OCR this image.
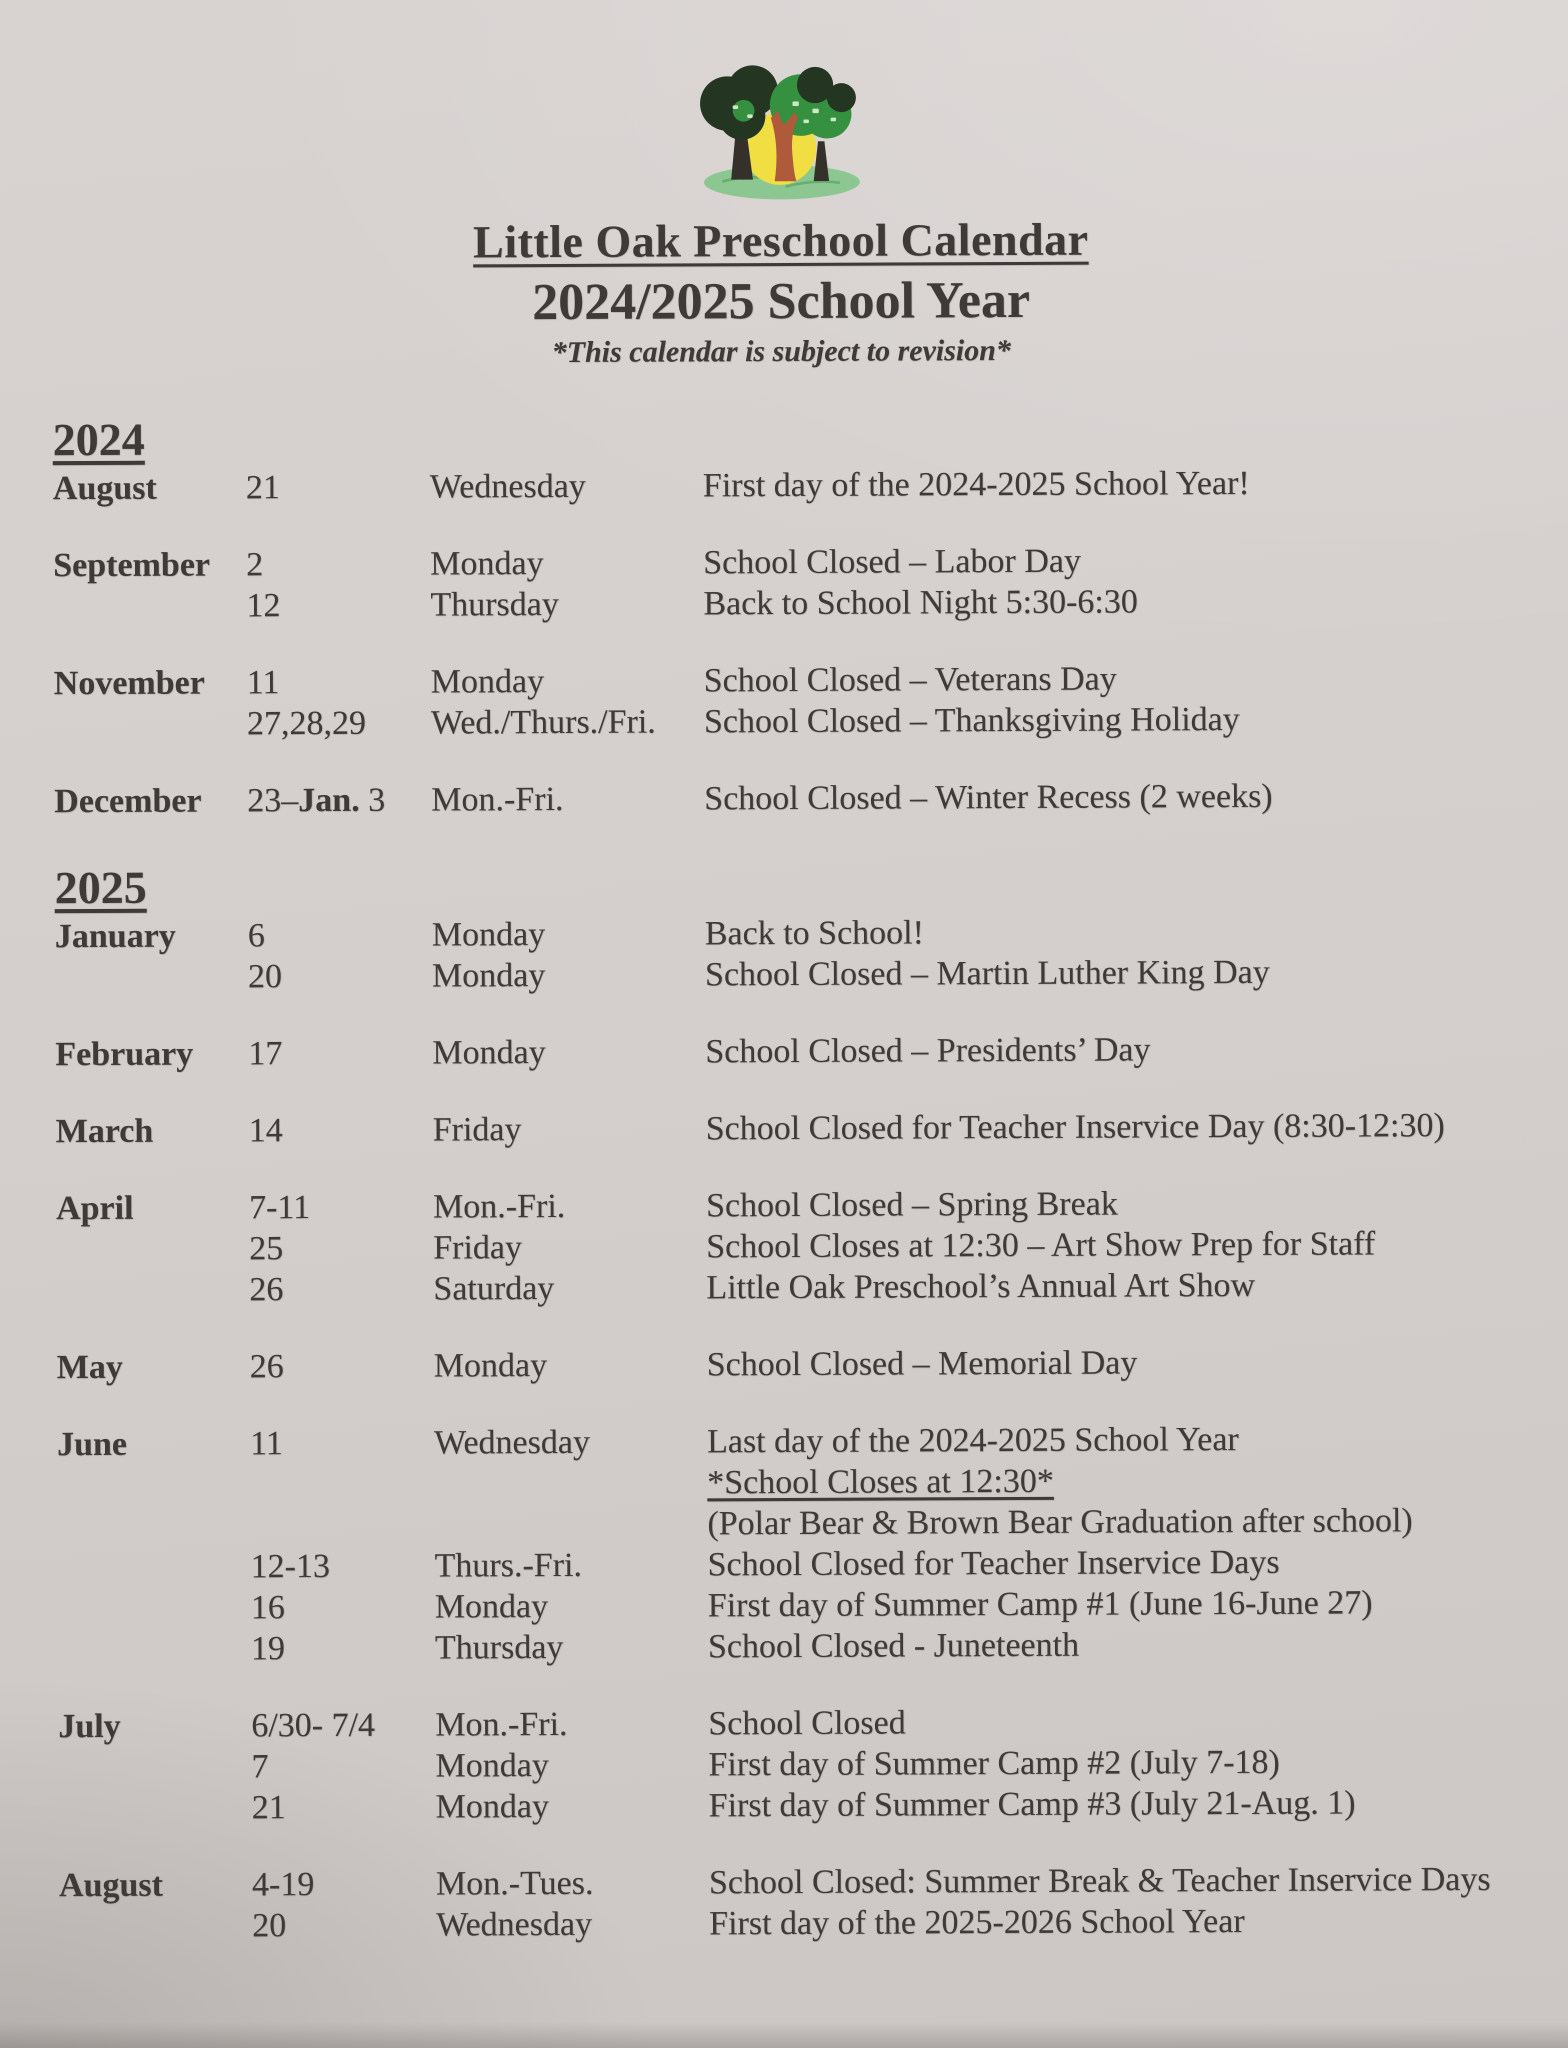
Little Oak Preschool Calendar
2024/2025 School Year
*This calendar is subject to revision*
2024
August	21	Wednesday	First day of the 2024-2025 School Year!
September	2	Monday	School Closed – Labor Day
12	Thursday	Back to School Night 5:30-6:30
November	11	Monday	School Closed – Veterans Day
27,28,29	Wed./Thurs./Fri.	School Closed – Thanksgiving Holiday
December	23–Jan. 3	Mon.-Fri.	School Closed – Winter Recess (2 weeks)
2025
January	6	Monday	Back to School!
20	Monday	School Closed – Martin Luther King Day
February	17	Monday	School Closed – Presidents’ Day
March	14	Friday	School Closed for Teacher Inservice Day (8:30-12:30)
April	7-11	Mon.-Fri.	School Closed – Spring Break
25	Friday	School Closes at 12:30 – Art Show Prep for Staff
26	Saturday	Little Oak Preschool’s Annual Art Show
May	26	Monday	School Closed – Memorial Day
June	11	Wednesday	Last day of the 2024-2025 School Year
*School Closes at 12:30*
(Polar Bear & Brown Bear Graduation after school)
12-13	Thurs.-Fri.	School Closed for Teacher Inservice Days
16	Monday	First day of Summer Camp #1 (June 16-June 27)
19	Thursday	School Closed - Juneteenth
July	6/30- 7/4	Mon.-Fri.	School Closed
7	Monday	First day of Summer Camp #2 (July 7-18)
21	Monday	First day of Summer Camp #3 (July 21-Aug. 1)
August	4-19	Mon.-Tues.	School Closed: Summer Break & Teacher Inservice Days
20	Wednesday	First day of the 2025-2026 School Year
